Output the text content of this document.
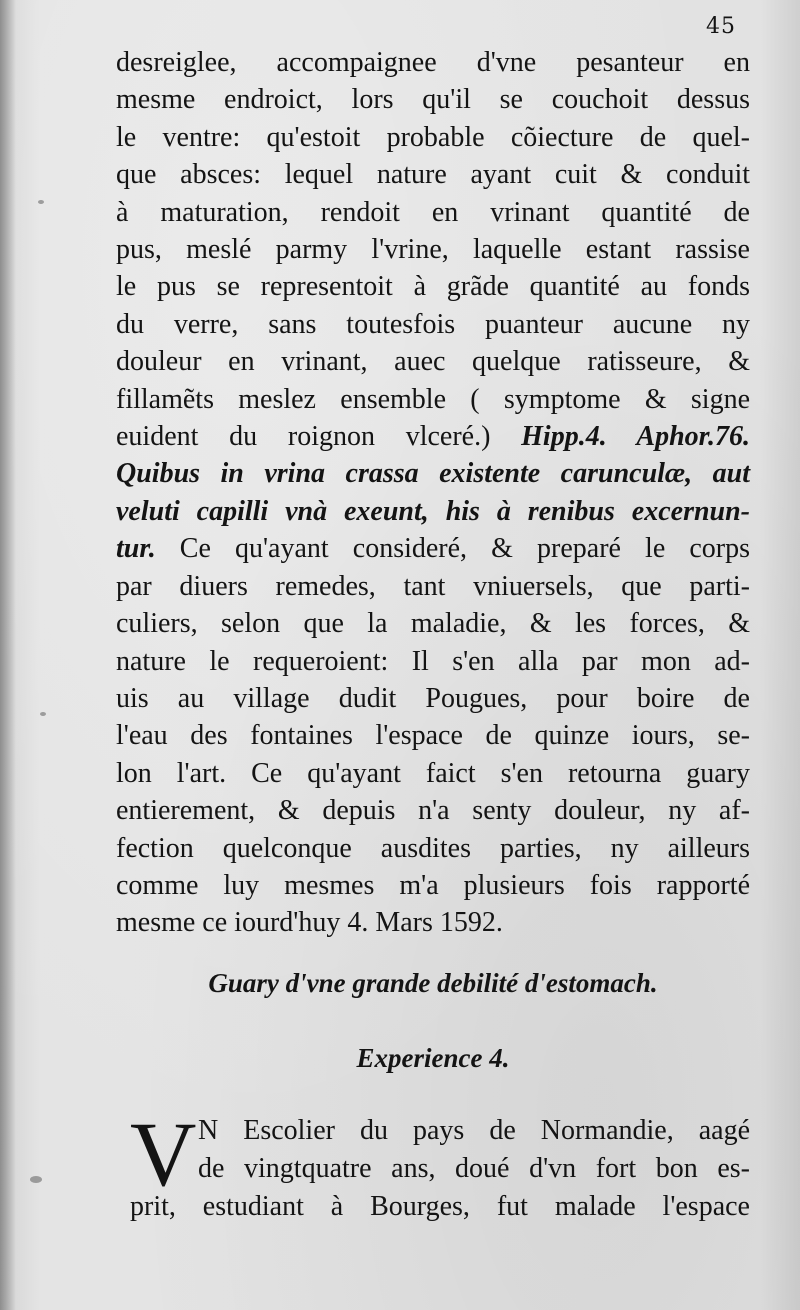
45
desreiglee, accompaignee d'vne pesanteur en
mesme endroict, lors qu'il se couchoit dessus
le ventre: qu'estoit probable cõiecture de quel-
que absces: lequel nature ayant cuit & conduit
à maturation, rendoit en vrinant quantité de
pus, meslé parmy l'vrine, laquelle estant rassise
le pus se representoit à grãde quantité au fonds
du verre, sans toutesfois puanteur aucune ny
douleur en vrinant, auec quelque ratisseure, &
fillamẽts meslez ensemble ( symptome & signe
euident du roignon vlceré.) Hipp.4. Aphor.76.
Quibus in vrina crassa existente carunculæ, aut
veluti capilli vnà exeunt, his à renibus excernun-
tur. Ce qu'ayant consideré, & preparé le corps
par diuers remedes, tant vniuersels, que parti-
culiers, selon que la maladie, & les forces, &
nature le requeroient: Il s'en alla par mon ad-
uis au village dudit Pougues, pour boire de
l'eau des fontaines l'espace de quinze iours, se-
lon l'art. Ce qu'ayant faict s'en retourna guary
entierement, & depuis n'a senty douleur, ny af-
fection quelconque ausdites parties, ny ailleurs
comme luy mesmes m'a plusieurs fois rapporté
mesme ce iourd'huy 4. Mars 1592.
Guary d'vne grande debilité d'estomach.
Experience 4.
V N Escolier du pays de Normandie, aagé
de vingtquatre ans, doué d'vn fort bon es-
prit, estudiant à Bourges, fut malade l'espace
